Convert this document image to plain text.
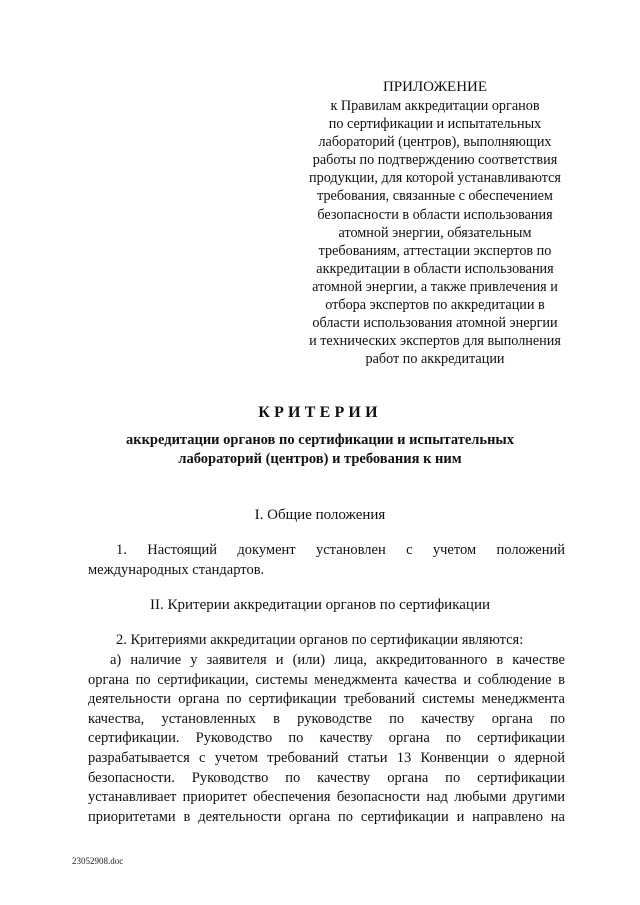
ПРИЛОЖЕНИЕ
к Правилам аккредитации органов
по сертификации и испытательных
лабораторий (центров), выполняющих
работы по подтверждению соответствия
продукции, для которой устанавливаются
требования, связанные с обеспечением
безопасности в области использования
атомной энергии, обязательным
требованиям, аттестации экспертов по
аккредитации в области использования
атомной энергии, а также привлечения и
отбора экспертов по аккредитации в
области использования атомной энергии
и технических экспертов для выполнения
работ по аккредитации
КРИТЕРИИ
аккредитации органов по сертификации и испытательных
лабораторий (центров) и требования к ним
I. Общие положения
1. Настоящий документ установлен с учетом положений
международных стандартов.
II. Критерии аккредитации органов по сертификации
2. Критериями аккредитации органов по сертификации являются:
а) наличие у заявителя и (или) лица, аккредитованного в качестве
органа по сертификации, системы менеджмента качества и соблюдение в
деятельности органа по сертификации требований системы менеджмента
качества, установленных в руководстве по качеству органа по
сертификации. Руководство по качеству органа по сертификации
разрабатывается с учетом требований статьи 13 Конвенции о ядерной
безопасности. Руководство по качеству органа по сертификации
устанавливает приоритет обеспечения безопасности над любыми другими
приоритетами в деятельности органа по сертификации и направлено на
23052908.doc
